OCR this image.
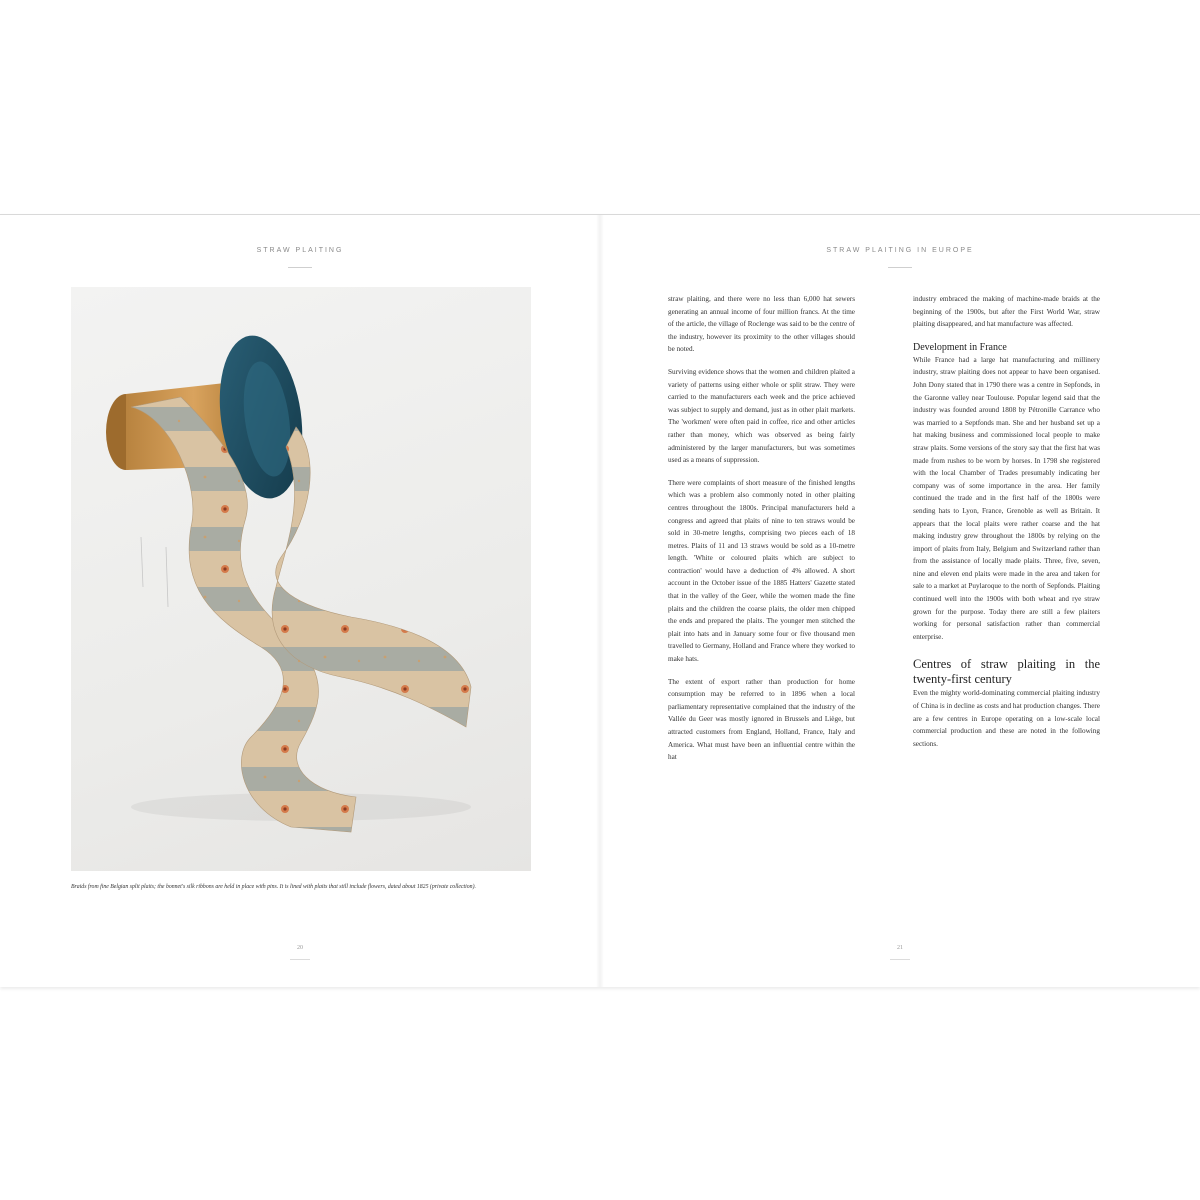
STRAW PLAITING
Braids from fine Belgian split plaits; the bonnet's silk ribbons are held in place with pins. It is lined with plaits that still include flowers, dated about 1825 (private collection).
20
STRAW PLAITING IN EUROPE

straw plaiting, and there were no less than 6,000 hat sewers generating an annual income of four million francs. At the time of the article, the village of Roclenge was said to be the centre of the industry, however its proximity to the other villages should be noted.

Surviving evidence shows that the women and children plaited a variety of patterns using either whole or split straw. They were carried to the manufacturers each week and the price achieved was subject to supply and demand, just as in other plait markets. The 'workmen' were often paid in coffee, rice and other articles rather than money, which was observed as being fairly administered by the larger manufacturers, but was sometimes used as a means of suppression.

There were complaints of short measure of the finished lengths which was a problem also commonly noted in other plaiting centres throughout the 1800s. Principal manufacturers held a congress and agreed that plaits of nine to ten straws would be sold in 30-metre lengths, comprising two pieces each of 18 metres. Plaits of 11 and 13 straws would be sold as a 10-metre length. 'White or coloured plaits which are subject to contraction' would have a deduction of 4% allowed. A short account in the October issue of the 1885 Hatters' Gazette stated that in the valley of the Geer, while the women made the fine plaits and the children the coarse plaits, the older men chipped the ends and prepared the plaits. The younger men stitched the plait into hats and in January some four or five thousand men travelled to Germany, Holland and France where they worked to make hats.

The extent of export rather than production for home consumption may be referred to in 1896 when a local parliamentary representative complained that the industry of the Vallée du Geer was mostly ignored in Brussels and Liège, but attracted customers from England, Holland, France, Italy and America. What must have been an influential centre within the hat

industry embraced the making of machine-made braids at the beginning of the 1900s, but after the First World War, straw plaiting disappeared, and hat manufacture was affected.

Development in France

While France had a large hat manufacturing and millinery industry, straw plaiting does not appear to have been organised. John Dony stated that in 1790 there was a centre in Sepfonds, in the Garonne valley near Toulouse. Popular legend said that the industry was founded around 1808 by Pétronille Carrance who was married to a Septfonds man. She and her husband set up a hat making business and commissioned local people to make straw plaits. Some versions of the story say that the first hat was made from rushes to be worn by horses. In 1798 she registered with the local Chamber of Trades presumably indicating her company was of some importance in the area. Her family continued the trade and in the first half of the 1800s were sending hats to Lyon, France, Grenoble as well as Britain. It appears that the local plaits were rather coarse and the hat making industry grew throughout the 1800s by relying on the import of plaits from Italy, Belgium and Switzerland rather than from the assistance of locally made plaits. Three, five, seven, nine and eleven end plaits were made in the area and taken for sale to a market at Puylaroque to the north of Sepfonds. Plaiting continued well into the 1900s with both wheat and rye straw grown for the purpose. Today there are still a few plaiters working for personal satisfaction rather than commercial enterprise.

Centres of straw plaiting in the twenty-first century

Even the mighty world-dominating commercial plaiting industry of China is in decline as costs and hat production changes. There are a few centres in Europe operating on a low-scale local commercial production and these are noted in the following sections.

21
